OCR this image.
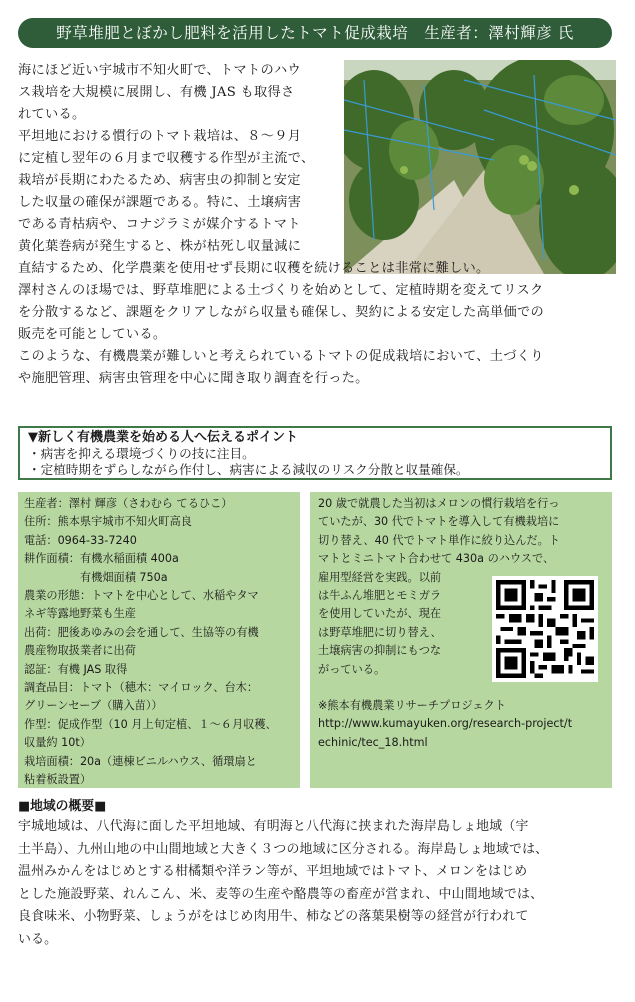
野草堆肥とぼかし肥料を活用したトマト促成栽培　生産者：澤村輝彦 氏

海にほど近い宇城市不知火町で、トマトのハウ

ス栽培を大規模に展開し、有機 JAS も取得さ

れている。

平坦地における慣行のトマト栽培は、８～９月

に定植し翌年の６月まで収穫する作型が主流で、

栽培が長期にわたるため、病害虫の抑制と安定

した収量の確保が課題である。特に、土壌病害

である青枯病や、コナジラミが媒介するトマト

黄化葉巻病が発生すると、株が枯死し収量減に

直結するため、化学農薬を使用せず長期に収穫を続けることは非常に難しい。

澤村さんのほ場では、野草堆肥による土づくりを始めとして、定植時期を変えてリスク

を分散するなど、課題をクリアしながら収量も確保し、契約による安定した高単価での

販売を可能としている。

このような、有機農業が難しいと考えられているトマトの促成栽培において、土づくり

や施肥管理、病害虫管理を中心に聞き取り調査を行った。

▼新しく有機農業を始める人へ伝えるポイント
・病害を抑える環境づくりの技に注目。
・定植時期をずらしながら作付し、病害による減収のリスク分散と収量確保。
生産者：澤村 輝彦（さわむら てるひこ）
住所：熊本県宇城市不知火町高良
電話：0964-33-7240
耕作面積：有機水稲面積 400a
　　　　　有機畑面積 750a
農業の形態：トマトを中心として、水稲やタマ
ネギ等露地野菜も生産
出荷：肥後あゆみの会を通して、生協等の有機
農産物取扱業者に出荷
認証：有機 JAS 取得
調査品目：トマト（穂木：マイロック、台木：
グリーンセーブ（購入苗））
作型：促成作型（10 月上旬定植、１～６月収穫、
収量約 10t）
栽培面積：20a（連棟ビニルハウス、循環扇と
粘着板設置）
20 歳で就農した当初はメロンの慣行栽培を行っ
ていたが、30 代でトマトを導入して有機栽培に
切り替え、40 代でトマト単作に絞り込んだ。ト
マトとミニトマト合わせて 430a のハウスで、
雇用型経営を実践。以前
は牛ふん堆肥とモミガラ
を使用していたが、現在
は野草堆肥に切り替え、
土壌病害の抑制にもつな
がっている。
※熊本有機農業リサーチプロジェクト
http://www.kumayuken.org/research-project/t
echinic/tec_18.html
■地域の概要■

宇城地域は、八代海に面した平坦地域、有明海と八代海に挟まれた海岸島しょ地域（宇

土半島）、九州山地の中山間地域と大きく３つの地域に区分される。海岸島しょ地域では、

温州みかんをはじめとする柑橘類や洋ラン等が、平坦地域ではトマト、メロンをはじめ

とした施設野菜、れんこん、米、麦等の生産や酪農等の畜産が営まれ、中山間地域では、

良食味米、小物野菜、しょうがをはじめ肉用牛、柿などの落葉果樹等の経営が行われて

いる。
